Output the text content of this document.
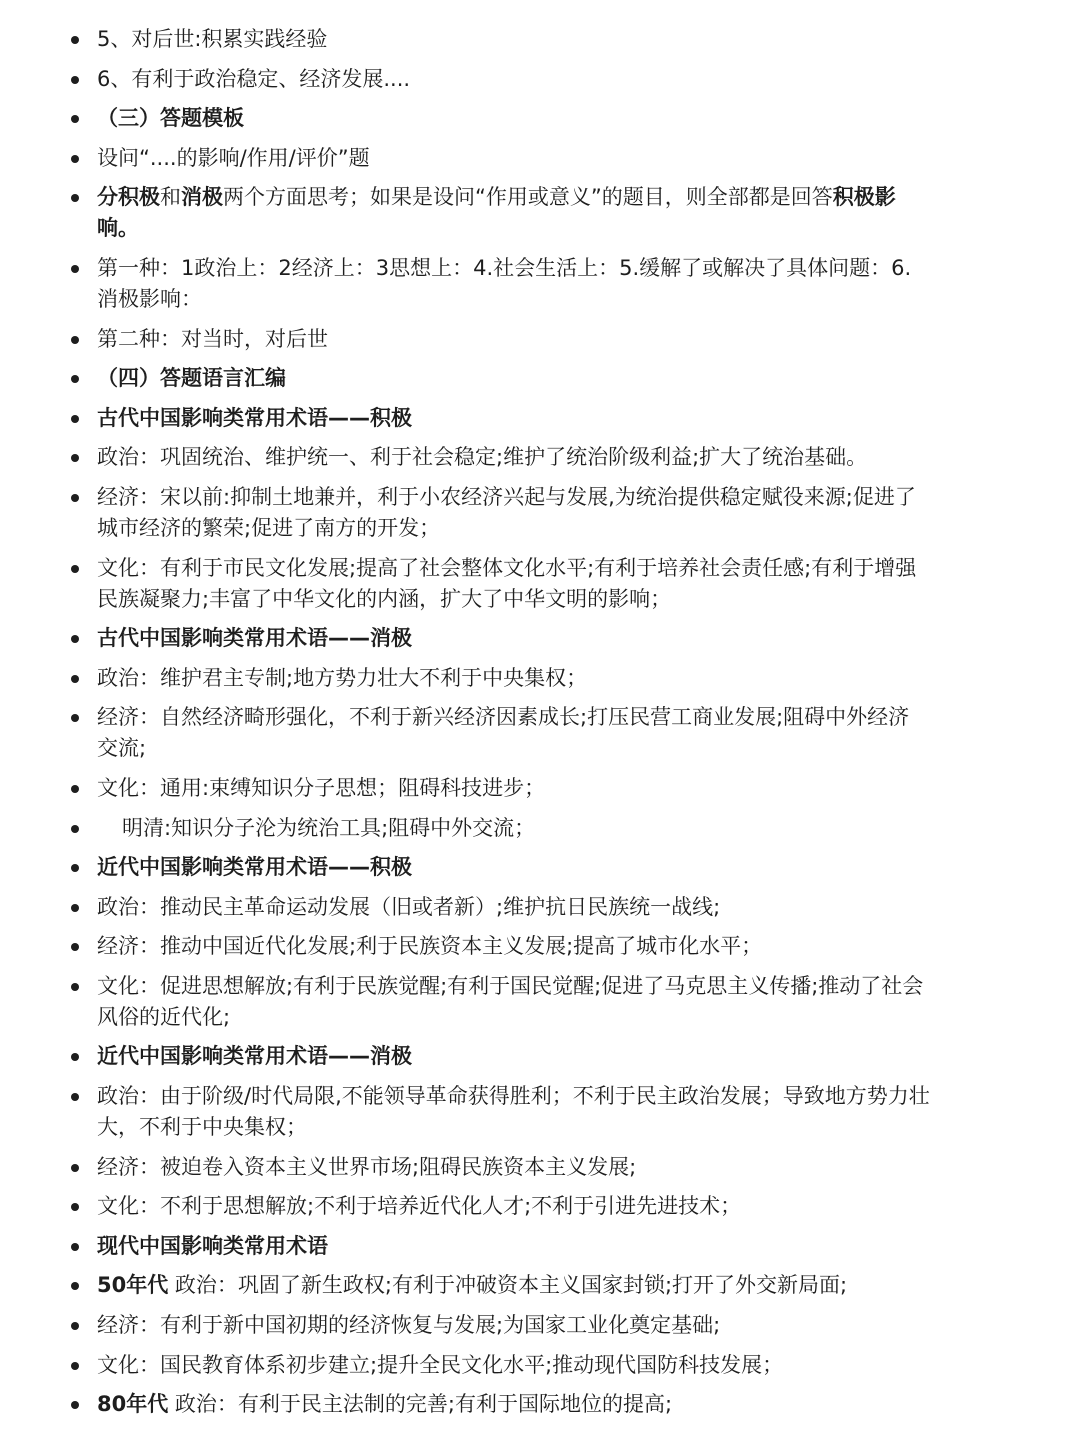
5、对后世:积累实践经验
6、有利于政治稳定、经济发展....
（三）答题模板
设问“....的影响/作用/评价”题
分积极和消极两个方面思考；如果是设问“作用或意义”的题目，则全部都是回答积极影响。
第一种：1政治上：2经济上：3思想上：4.社会生活上：5.缓解了或解决了具体问题：6.消极影响：
第二种：对当时，对后世
（四）答题语言汇编
古代中国影响类常用术语——积极
政治：巩固统治、维护统一、利于社会稳定;维护了统治阶级利益;扩大了统治基础。
经济：宋以前:抑制土地兼并，利于小农经济兴起与发展,为统治提供稳定赋役来源;促进了城市经济的繁荣;促进了南方的开发；
文化：有利于市民文化发展;提高了社会整体文化水平;有利于培养社会责任感;有利于增强民族凝聚力;丰富了中华文化的内涵，扩大了中华文明的影响；
古代中国影响类常用术语——消极
政治：维护君主专制;地方势力壮大不利于中央集权；
经济：自然经济畸形强化，不利于新兴经济因素成长;打压民营工商业发展;阻碍中外经济交流;
文化：通用:束缚知识分子思想；阻碍科技进步；
明清:知识分子沦为统治工具;阻碍中外交流；
近代中国影响类常用术语——积极
政治：推动民主革命运动发展（旧或者新）;维护抗日民族统一战线;
经济：推动中国近代化发展;利于民族资本主义发展;提高了城市化水平；
文化：促进思想解放;有利于民族觉醒;有利于国民觉醒;促进了马克思主义传播;推动了社会风俗的近代化;
近代中国影响类常用术语——消极
政治：由于阶级/时代局限,不能领导革命获得胜利；不利于民主政治发展；导致地方势力壮大，不利于中央集权；
经济：被迫卷入资本主义世界市场;阻碍民族资本主义发展;
文化：不利于思想解放;不利于培养近代化人才;不利于引进先进技术；
现代中国影响类常用术语
50年代 政治：巩固了新生政权;有利于冲破资本主义国家封锁;打开了外交新局面;
经济：有利于新中国初期的经济恢复与发展;为国家工业化奠定基础;
文化：国民教育体系初步建立;提升全民文化水平;推动现代国防科技发展；
80年代 政治：有利于民主法制的完善;有利于国际地位的提高;
